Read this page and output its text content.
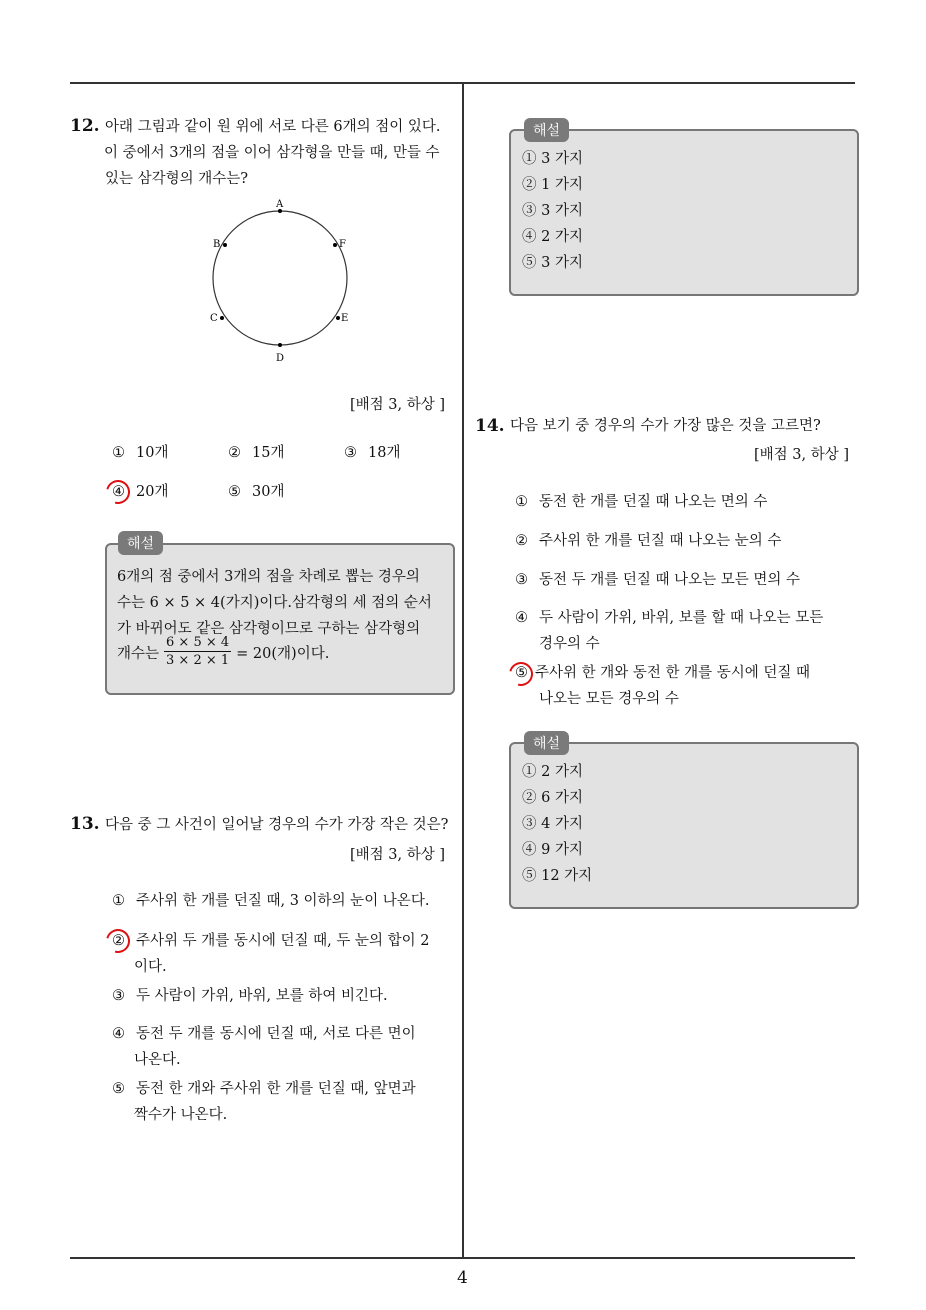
12. 아래 그림과 같이 원 위에 서로 다른 6개의 점이 있다.
이 중에서 3개의 점을 이어 삼각형을 만들 때, 만들 수
있는 삼각형의 개수는?
A
B
C
D
E
F
[배점 3, 하상 ]
① 10개	② 15개	③ 18개
④ 20개	⑤ 30개
해설
6개의 점 중에서 3개의 점을 차례로 뽑는 경우의
수는 6 × 5 × 4(가지)이다.삼각형의 세 점의 순서
가 바뀌어도 같은 삼각형이므로 구하는 삼각형의
개수는 $\frac{6 \times 5 \times 4}{3 \times 2 \times 1} = 20$(개)이다.
13. 다음 중 그 사건이 일어날 경우의 수가 가장 작은 것은?
[배점 3, 하상 ]
① 주사위 한 개를 던질 때, 3 이하의 눈이 나온다.
② 주사위 두 개를 동시에 던질 때, 두 눈의 합이 2
이다.
③ 두 사람이 가위, 바위, 보를 하여 비긴다.
④ 동전 두 개를 동시에 던질 때, 서로 다른 면이
나온다.
⑤ 동전 한 개와 주사위 한 개를 던질 때, 앞면과
짝수가 나온다.
해설
① 3 가지
② 1 가지
③ 3 가지
④ 2 가지
⑤ 3 가지
14. 다음 보기 중 경우의 수가 가장 많은 것을 고르면?
[배점 3, 하상 ]
① 동전 한 개를 던질 때 나오는 면의 수
② 주사위 한 개를 던질 때 나오는 눈의 수
③ 동전 두 개를 던질 때 나오는 모든 면의 수
④ 두 사람이 가위, 바위, 보를 할 때 나오는 모든
경우의 수
⑤ 주사위 한 개와 동전 한 개를 동시에 던질 때
나오는 모든 경우의 수
해설
① 2 가지
② 6 가지
③ 4 가지
④ 9 가지
⑤ 12 가지
4
